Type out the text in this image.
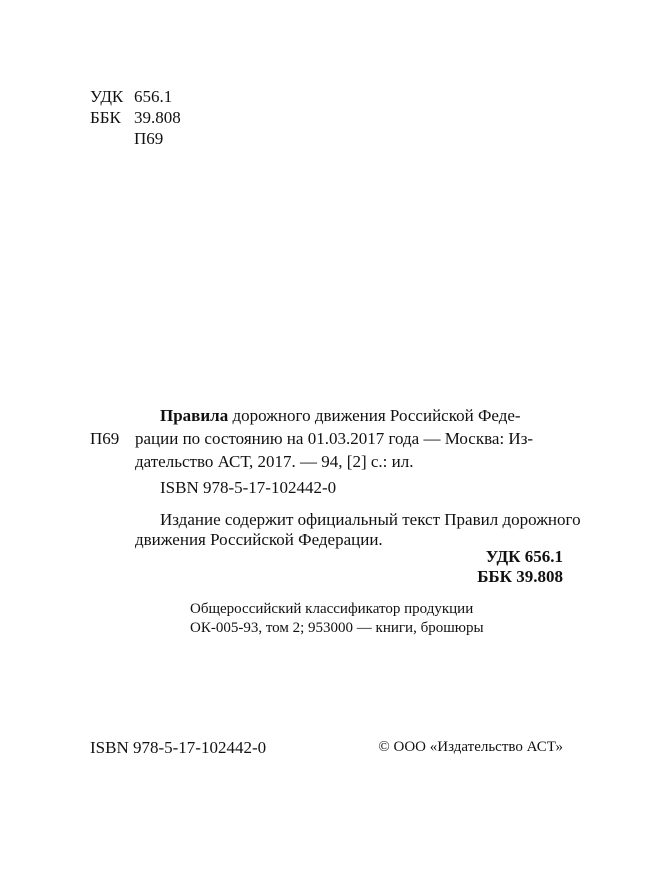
УДК 656.1
ББК 39.808
П69
Правила дорожного движения Российской Феде-
П69 рации по состоянию на 01.03.2017 года — Москва: Из-
дательство АСТ, 2017. — 94, [2] с.: ил.
ISBN 978-5-17-102442-0
Издание содержит официальный текст Правил дорожного
движения Российской Федерации.
УДК 656.1
ББК 39.808
Общероссийский классификатор продукции
ОК-005-93, том 2; 953000 — книги, брошюры
ISBN 978-5-17-102442-0	© ООО «Издательство АСТ»
